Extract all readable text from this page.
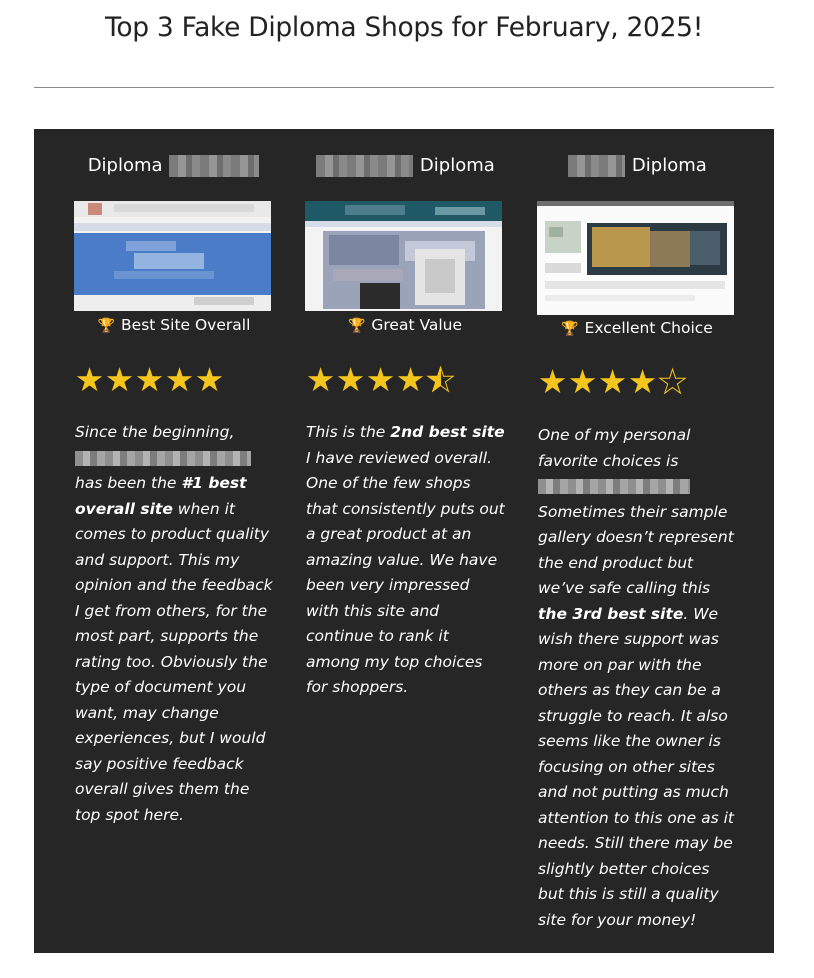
Top 3 Fake Diploma Shops for February, 2025!
Diploma
🏆 Best Site Overall
★★★★★
Since the beginning,

has been the #1 best overall site when it comes to product quality and support. This my opinion and the feedback I get from others, for the most part, supports the rating too. Obviously the type of document you want, may change experiences, but I would say positive feedback overall gives them the top spot here.
Diploma
🏆 Great Value
★★★★★ ★
This is the 2nd best site I have reviewed overall. One of the few shops that consistently puts out a great product at an amazing value. We have been very impressed with this site and continue to rank it among my top choices for shoppers.
Diploma
🏆 Excellent Choice
★★★★★
One of my personal favorite choices is

Sometimes their sample gallery doesn’t represent the end product but we’ve safe calling this the 3rd best site. We wish there support was more on par with the others as they can be a struggle to reach. It also seems like the owner is focusing on other sites and not putting as much attention to this one as it needs. Still there may be slightly better choices but this is still a quality site for your money!
